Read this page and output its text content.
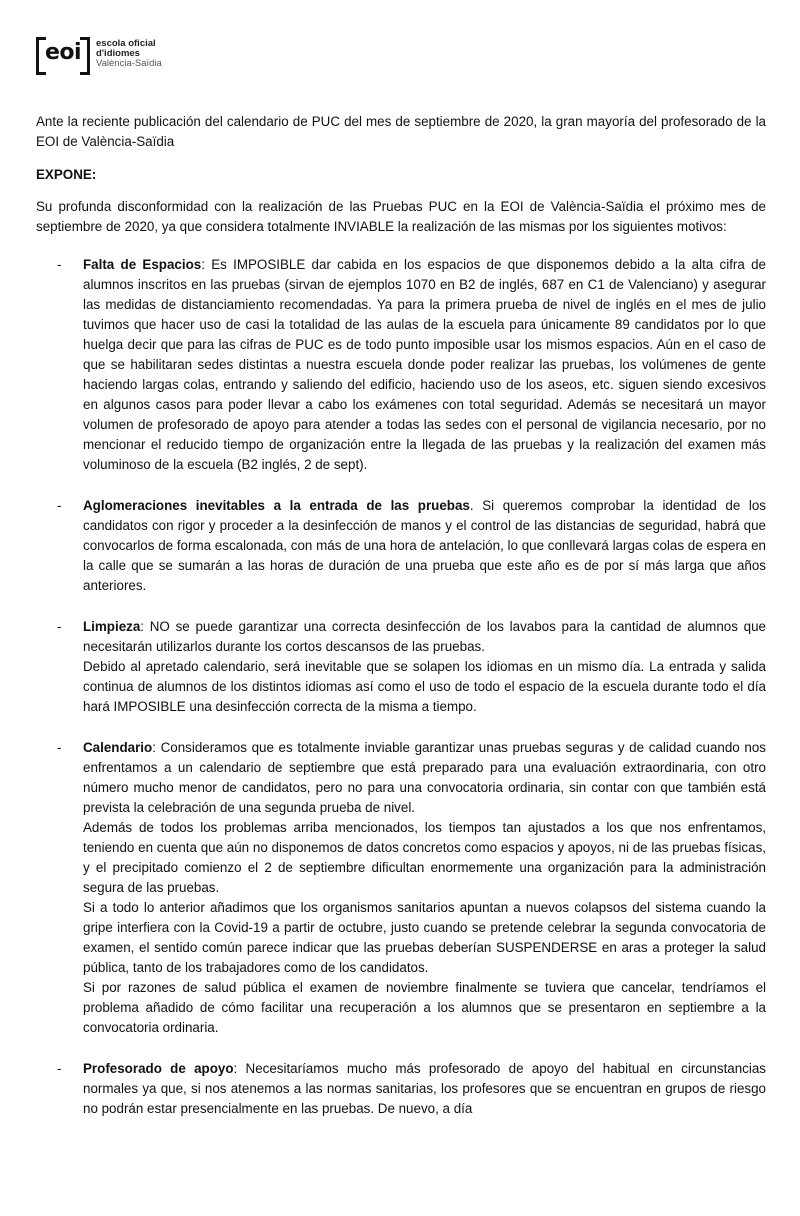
eoi escola oficial
d'idiomes
València-Saïdia

Ante la reciente publicación del calendario de PUC del mes de septiembre de 2020, la gran mayoría del profesorado de la EOI de València-Saïdia

EXPONE:

Su profunda disconformidad con la realización de las Pruebas PUC en la EOI de València-Saïdia el próximo mes de septiembre de 2020, ya que considera totalmente INVIABLE la realización de las mismas por los siguientes motivos:

- Falta de Espacios: Es IMPOSIBLE dar cabida en los espacios de que disponemos debido a la alta cifra de alumnos inscritos en las pruebas (sirvan de ejemplos 1070 en B2 de inglés, 687 en C1 de Valenciano) y asegurar las medidas de distanciamiento recomendadas. Ya para la primera prueba de nivel de inglés en el mes de julio tuvimos que hacer uso de casi la totalidad de las aulas de la escuela para únicamente 89 candidatos por lo que huelga decir que para las cifras de PUC es de todo punto imposible usar los mismos espacios. Aún en el caso de que se habilitaran sedes distintas a nuestra escuela donde poder realizar las pruebas, los volúmenes de gente haciendo largas colas, entrando y saliendo del edificio, haciendo uso de los aseos, etc. siguen siendo excesivos en algunos casos para poder llevar a cabo los exámenes con total seguridad. Además se necesitará un mayor volumen de profesorado de apoyo para atender a todas las sedes con el personal de vigilancia necesario, por no mencionar el reducido tiempo de organización entre la llegada de las pruebas y la realización del examen más voluminoso de la escuela (B2 inglés, 2 de sept).

- Aglomeraciones inevitables a la entrada de las pruebas. Si queremos comprobar la identidad de los candidatos con rigor y proceder a la desinfección de manos y el control de las distancias de seguridad, habrá que convocarlos de forma escalonada, con más de una hora de antelación, lo que conllevará largas colas de espera en la calle que se sumarán a las horas de duración de una prueba que este año es de por sí más larga que años anteriores.

- Limpieza: NO se puede garantizar una correcta desinfección de los lavabos para la cantidad de alumnos que necesitarán utilizarlos durante los cortos descansos de las pruebas.

Debido al apretado calendario, será inevitable que se solapen los idiomas en un mismo día. La entrada y salida continua de alumnos de los distintos idiomas así como el uso de todo el espacio de la escuela durante todo el día hará IMPOSIBLE una desinfección correcta de la misma a tiempo.

- Calendario: Consideramos que es totalmente inviable garantizar unas pruebas seguras y de calidad cuando nos enfrentamos a un calendario de septiembre que está preparado para una evaluación extraordinaria, con otro número mucho menor de candidatos, pero no para una convocatoria ordinaria, sin contar con que también está prevista la celebración de una segunda prueba de nivel.

Además de todos los problemas arriba mencionados, los tiempos tan ajustados a los que nos enfrentamos, teniendo en cuenta que aún no disponemos de datos concretos como espacios y apoyos, ni de las pruebas físicas, y el precipitado comienzo el 2 de septiembre dificultan enormemente una organización para la administración segura de las pruebas.

Si a todo lo anterior añadimos que los organismos sanitarios apuntan a nuevos colapsos del sistema cuando la gripe interfiera con la Covid-19 a partir de octubre, justo cuando se pretende celebrar la segunda convocatoria de examen, el sentido común parece indicar que las pruebas deberían SUSPENDERSE en aras a proteger la salud pública, tanto de los trabajadores como de los candidatos.

Si por razones de salud pública el examen de noviembre finalmente se tuviera que cancelar, tendríamos el problema añadido de cómo facilitar una recuperación a los alumnos que se presentaron en septiembre a la convocatoria ordinaria.

- Profesorado de apoyo: Necesitaríamos mucho más profesorado de apoyo del habitual en circunstancias normales ya que, si nos atenemos a las normas sanitarias, los profesores que se encuentran en grupos de riesgo no podrán estar presencialmente en las pruebas. De nuevo, a día
